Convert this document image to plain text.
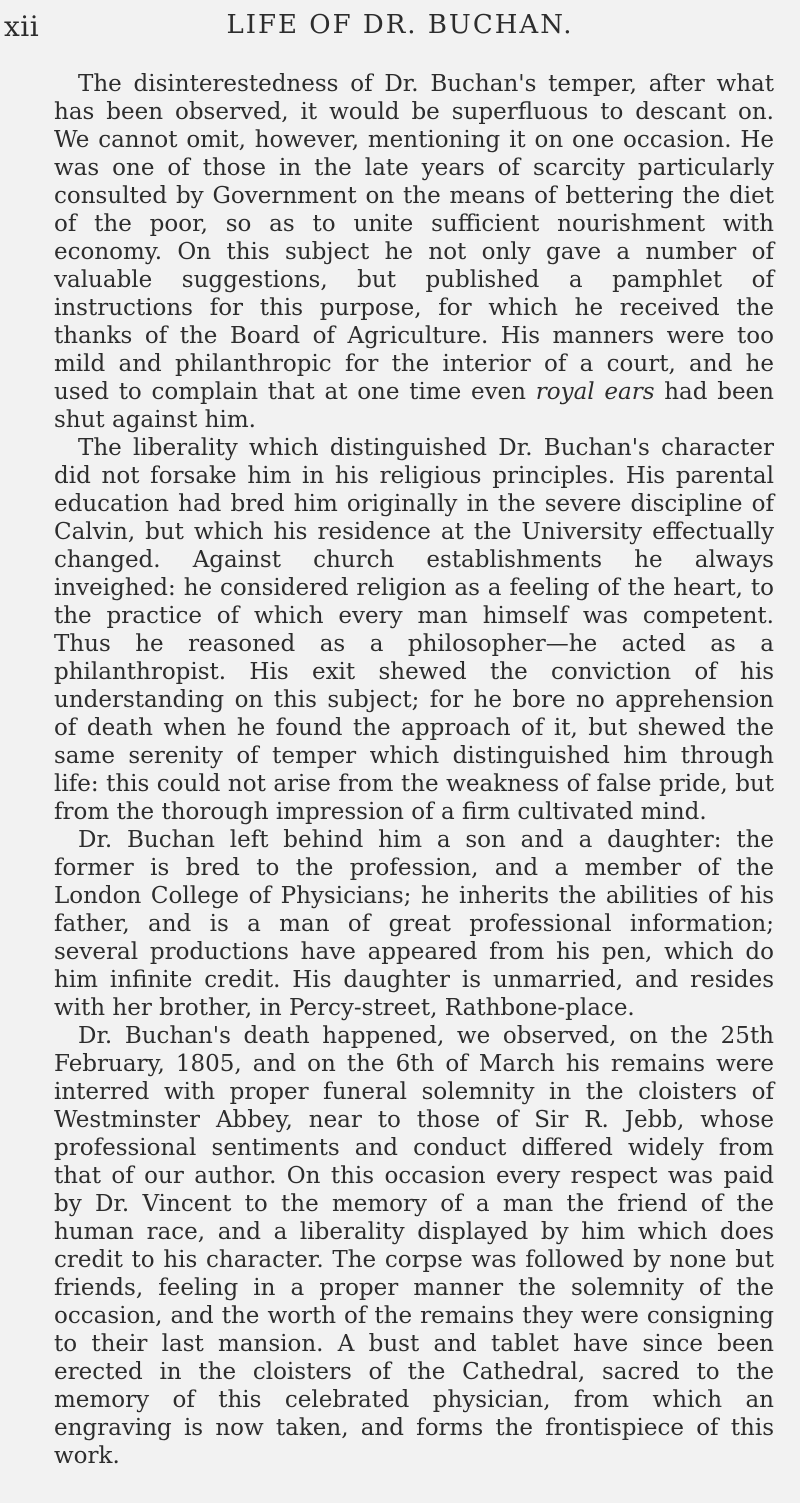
xii	LIFE OF DR. BUCHAN.

The disinterestedness of Dr. Buchan's temper, after what has been observed, it would be superfluous to descant on. We cannot omit, however, mentioning it on one occasion. He was one of those in the late years of scarcity particularly consulted by Government on the means of bettering the diet of the poor, so as to unite sufficient nourishment with economy. On this subject he not only gave a number of valuable suggestions, but published a pamphlet of instructions for this purpose, for which he received the thanks of the Board of Agriculture. His manners were too mild and philanthropic for the interior of a court, and he used to complain that at one time even royal ears had been shut against him.

The liberality which distinguished Dr. Buchan's character did not forsake him in his religious principles. His parental education had bred him originally in the severe discipline of Calvin, but which his residence at the University effectually changed. Against church establishments he always inveighed: he considered religion as a feeling of the heart, to the practice of which every man himself was competent. Thus he reasoned as a philosopher—he acted as a philanthropist. His exit shewed the conviction of his understanding on this subject; for he bore no apprehension of death when he found the approach of it, but shewed the same serenity of temper which distinguished him through life: this could not arise from the weakness of false pride, but from the thorough impression of a firm cultivated mind.

Dr. Buchan left behind him a son and a daughter: the former is bred to the profession, and a member of the London College of Physicians; he inherits the abilities of his father, and is a man of great professional information; several productions have appeared from his pen, which do him infinite credit. His daughter is unmarried, and resides with her brother, in Percy-street, Rathbone-place.

Dr. Buchan's death happened, we observed, on the 25th February, 1805, and on the 6th of March his remains were interred with proper funeral solemnity in the cloisters of Westminster Abbey, near to those of Sir R. Jebb, whose professional sentiments and conduct differed widely from that of our author. On this occasion every respect was paid by Dr. Vincent to the memory of a man the friend of the human race, and a liberality displayed by him which does credit to his character. The corpse was followed by none but friends, feeling in a proper manner the solemnity of the occasion, and the worth of the remains they were consigning to their last mansion. A bust and tablet have since been erected in the cloisters of the Cathedral, sacred to the memory of this celebrated physician, from which an engraving is now taken, and forms the frontispiece of this work.
